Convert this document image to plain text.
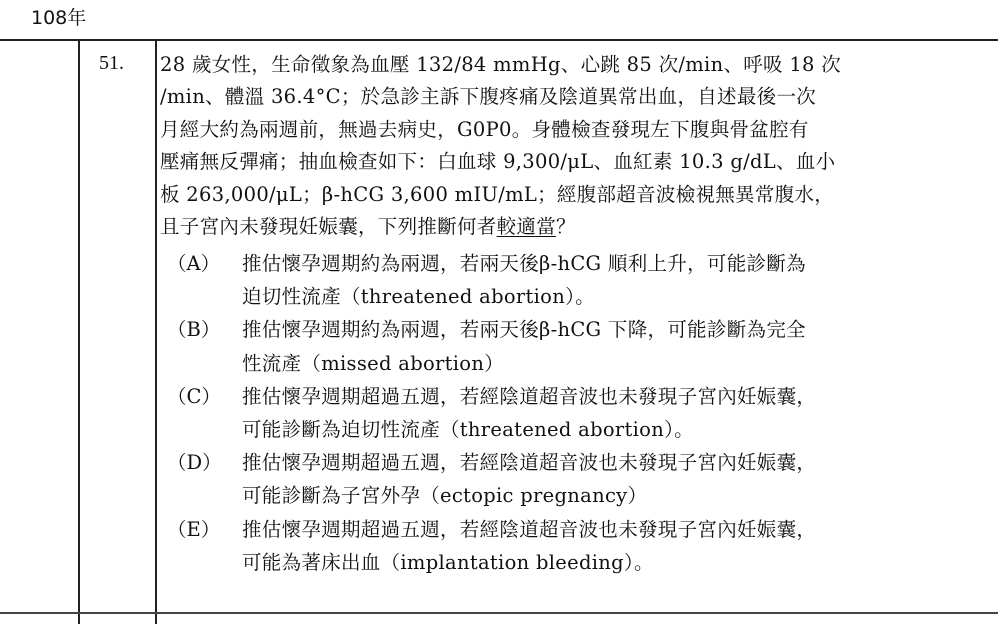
108年
51. 28 歲女性，生命徵象為血壓 132/84 mmHg、心跳 85 次/min、呼吸 18 次
/min、體溫 36.4°C；於急診主訴下腹疼痛及陰道異常出血，自述最後一次
月經大約為兩週前，無過去病史，G0P0。身體檢查發現左下腹與骨盆腔有
壓痛無反彈痛；抽血檢查如下：白血球 9,300/μL、血紅素 10.3 g/dL、血小
板 263,000/μL；β-hCG 3,600 mIU/mL；經腹部超音波檢視無異常腹水，
且子宮內未發現妊娠囊，下列推斷何者較適當？
（A） 推估懷孕週期約為兩週，若兩天後β-hCG 順利上升，可能診斷為
迫切性流產（threatened abortion）。
（B） 推估懷孕週期約為兩週，若兩天後β-hCG 下降，可能診斷為完全
性流產（missed abortion）
（C） 推估懷孕週期超過五週，若經陰道超音波也未發現子宮內妊娠囊，
可能診斷為迫切性流產（threatened abortion）。
（D） 推估懷孕週期超過五週，若經陰道超音波也未發現子宮內妊娠囊，
可能診斷為子宮外孕（ectopic pregnancy）
（E） 推估懷孕週期超過五週，若經陰道超音波也未發現子宮內妊娠囊，
可能為著床出血（implantation bleeding）。
